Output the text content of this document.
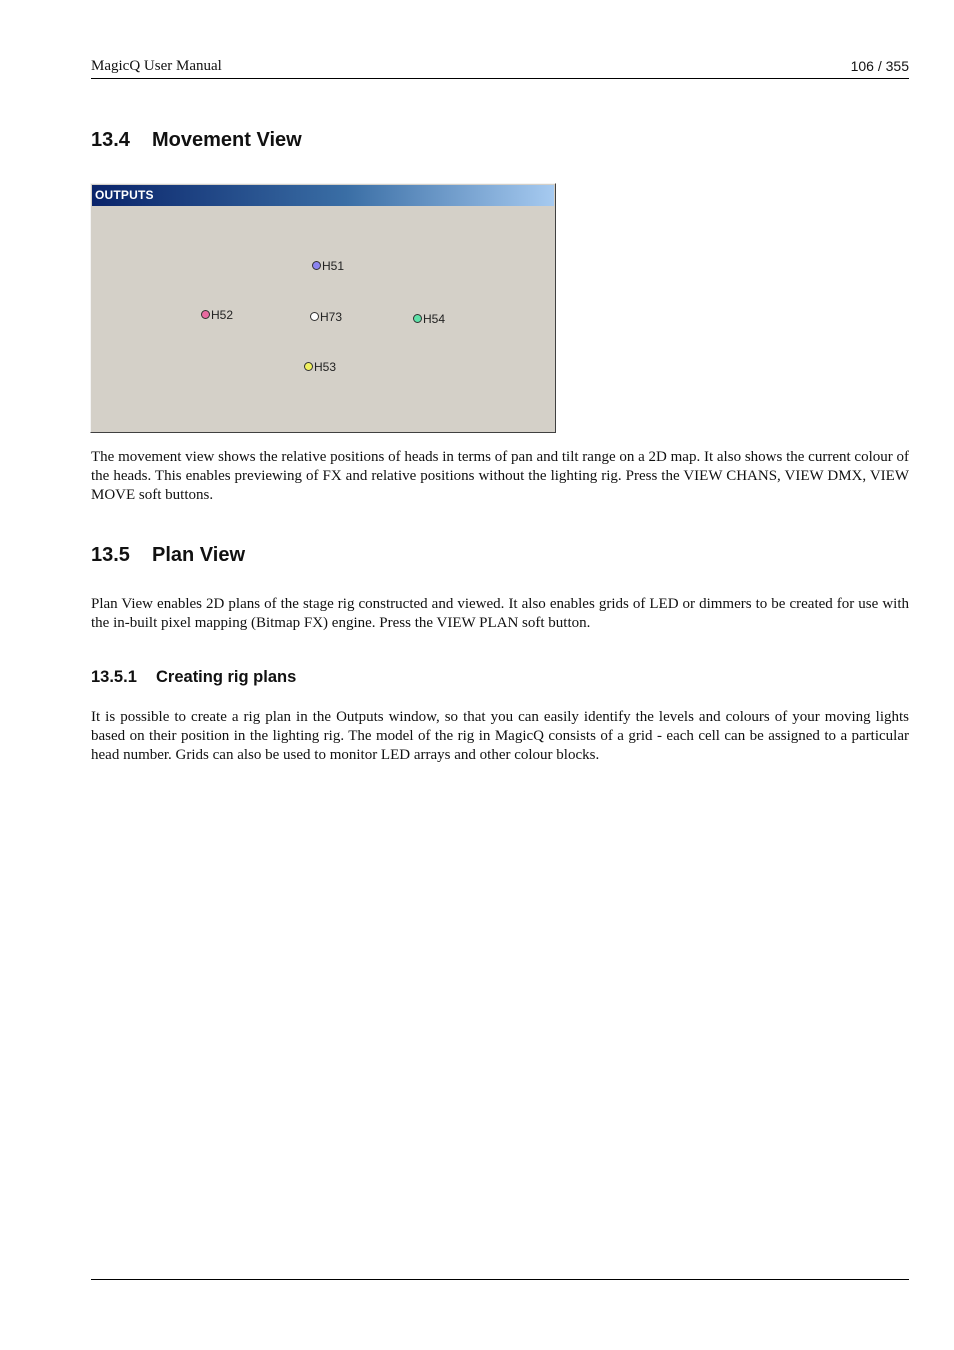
MagicQ User Manual	106 / 355
13.4 Movement View
OUTPUTS
H51
H52	H73	H54
H53

The movement view shows the relative positions of heads in terms of pan and tilt range on a 2D map. It also shows the current colour of the heads. This enables previewing of FX and relative positions without the lighting rig. Press the VIEW CHANS, VIEW DMX, VIEW MOVE soft buttons.

13.5 Plan View

Plan View enables 2D plans of the stage rig constructed and viewed. It also enables grids of LED or dimmers to be created for use with the in-built pixel mapping (Bitmap FX) engine. Press the VIEW PLAN soft button.

13.5.1 Creating rig plans

It is possible to create a rig plan in the Outputs window, so that you can easily identify the levels and colours of your moving lights based on their position in the lighting rig. The model of the rig in MagicQ consists of a grid - each cell can be assigned to a particular head number. Grids can also be used to monitor LED arrays and other colour blocks.
